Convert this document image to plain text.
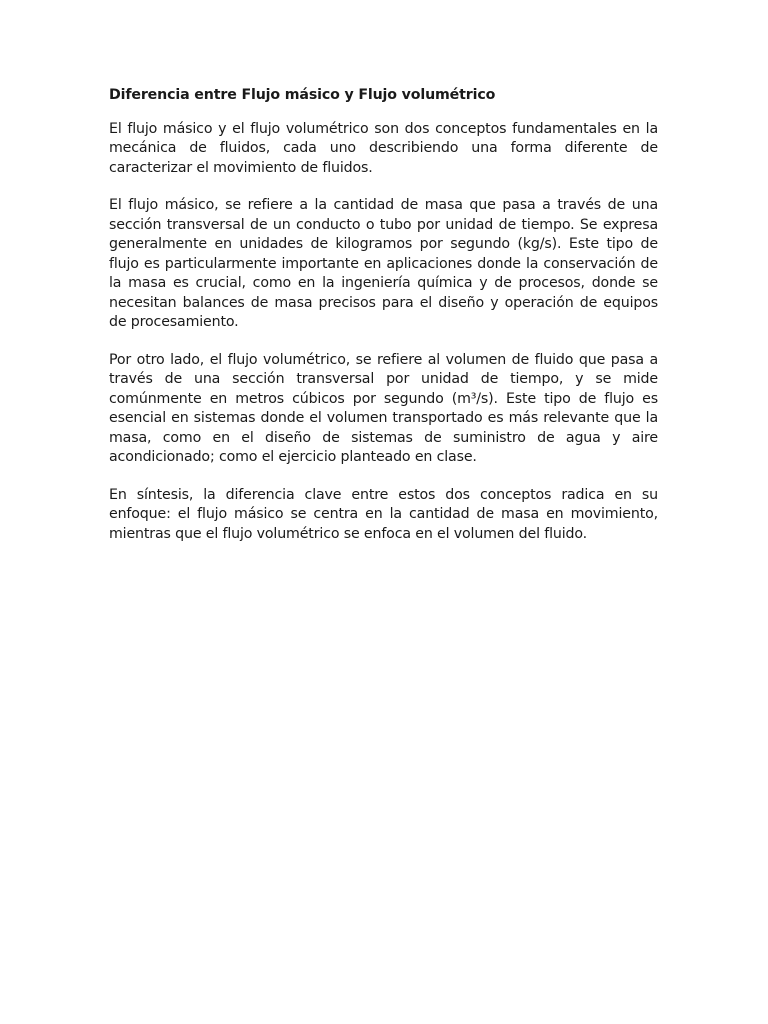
Diferencia entre Flujo másico y Flujo volumétrico

El flujo másico y el flujo volumétrico son dos conceptos fundamentales en la mecánica de fluidos, cada uno describiendo una forma diferente de caracterizar el movimiento de fluidos.

El flujo másico, se refiere a la cantidad de masa que pasa a través de una sección transversal de un conducto o tubo por unidad de tiempo. Se expresa generalmente en unidades de kilogramos por segundo (kg/s). Este tipo de flujo es particularmente importante en aplicaciones donde la conservación de la masa es crucial, como en la ingeniería química y de procesos, donde se necesitan balances de masa precisos para el diseño y operación de equipos de procesamiento.

Por otro lado, el flujo volumétrico, se refiere al volumen de fluido que pasa a través de una sección transversal por unidad de tiempo, y se mide comúnmente en metros cúbicos por segundo (m³/s). Este tipo de flujo es esencial en sistemas donde el volumen transportado es más relevante que la masa, como en el diseño de sistemas de suministro de agua y aire acondicionado; como el ejercicio planteado en clase.

En síntesis, la diferencia clave entre estos dos conceptos radica en su enfoque: el flujo másico se centra en la cantidad de masa en movimiento, mientras que el flujo volumétrico se enfoca en el volumen del fluido.
